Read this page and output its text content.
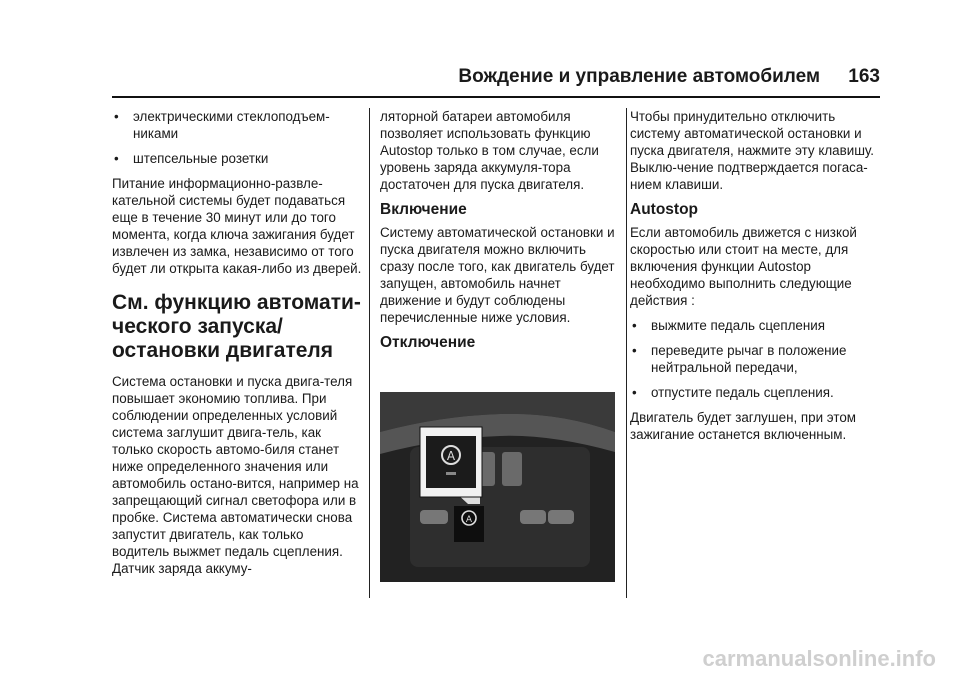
Вождение и управление автомобилем 163
• электрическими стеклоподъем-никами
• штепсельные розетки

Питание информационно-развле-кательной системы будет подаваться еще в течение 30 минут или до того момента, когда ключа зажигания будет извлечен из замка, независимо от того будет ли открыта какая-либо из дверей.

См. функцию автомати-ческого запуска/ остановки двигателя

Система остановки и пуска двига-теля повышает экономию топлива. При соблюдении определенных условий система заглушит двига-тель, как только скорость автомо-биля станет ниже определенного значения или автомобиль остано-вится, например на запрещающий сигнал светофора или в пробке. Система автоматически снова запустит двигатель, как только водитель выжмет педаль сцепления. Датчик заряда аккуму-

ляторной батареи автомобиля позволяет использовать функцию Autostop только в том случае, если уровень заряда аккумуля-тора достаточен для пуска двигателя.

Включение

Систему автоматической остановки и пуска двигателя можно включить сразу после того, как двигатель будет запущен, автомобиль начнет движение и будут соблюдены перечисленные ниже условия.

Отключение
A
A

Чтобы принудительно отключить систему автоматической остановки и пуска двигателя, нажмите эту клавишу. Выклю-чение подтверждается погаса-нием клавиши.

Autostop

Если автомобиль движется с низкой скоростью или стоит на месте, для включения функции Autostop необходимо выполнить следующие действия :

• выжмите педаль сцепления
• переведите рычаг в положение нейтральной передачи,
• отпустите педаль сцепления.

Двигатель будет заглушен, при этом зажигание останется включенным.

carmanualsonline.info
